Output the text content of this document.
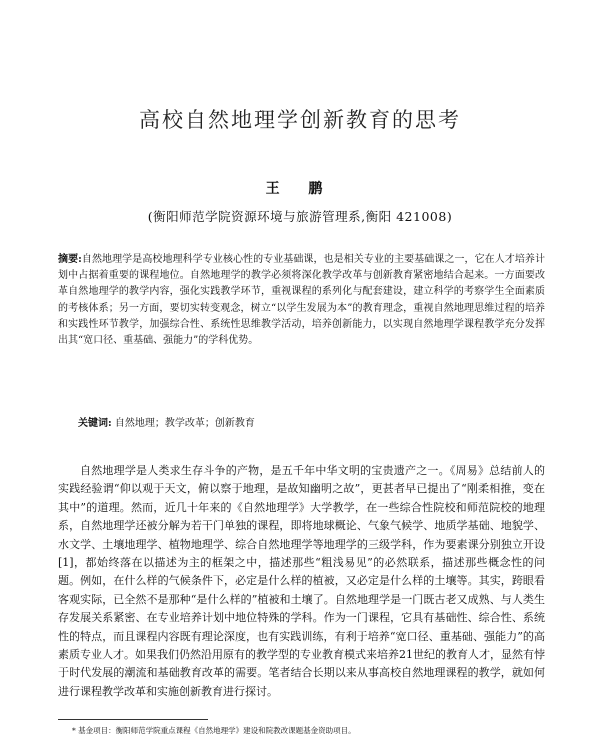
高校自然地理学创新教育的思考
王 鹏
(衡阳师范学院资源环境与旅游管理系,衡阳 421008)
摘要:自然地理学是高校地理科学专业核心性的专业基础课，也是相关专业的主要基础课之一，它在人才培养计划中占据着重要的课程地位。自然地理学的教学必须将深化教学改革与创新教育紧密地结合起来。一方面要改革自然地理学的教学内容，强化实践教学环节，重视课程的系列化与配套建设，建立科学的考察学生全面素质的考核体系；另一方面，要切实转变观念，树立“以学生发展为本”的教育理念，重视自然地理思维过程的培养和实践性环节教学，加强综合性、系统性思维教学活动，培养创新能力，以实现自然地理学课程教学充分发挥出其“宽口径、重基础、强能力”的学科优势。
关键词: 自然地理；教学改革；创新教育

自然地理学是人类求生存斗争的产物，是五千年中华文明的宝贵遗产之一。《周易》总结前人的实践经验谓“仰以观于天文，俯以察于地理，是故知幽明之故”，更甚者早已提出了“刚柔相推，变在其中”的道理。然而，近几十年来的《自然地理学》大学教学，在一些综合性院校和师范院校的地理系，自然地理学还被分解为若干门单独的课程，即将地球概论、气象气候学、地质学基础、地貌学、水文学、土壤地理学、植物地理学、综合自然地理学等地理学的三级学科，作为要素课分别独立开设[1]，都始终落在以描述为主的框架之中，描述那些“粗浅易见”的必然联系，描述那些概念性的问题。例如，在什么样的气候条件下，必定是什么样的植被，又必定是什么样的土壤等。其实，跨眼看客观实际，已全然不是那种“是什么样的”植被和土壤了。自然地理学是一门既古老又成熟、与人类生存发展关系紧密、在专业培养计划中地位特殊的学科。作为一门课程，它具有基础性、综合性、系统性的特点，而且课程内容既有理论深度，也有实践训练，有利于培养“宽口径、重基础、强能力”的高素质专业人才。如果我们仍然沿用原有的教学型的专业教育模式来培养21世纪的教育人才，显然有悖于时代发展的潮流和基础教育改革的需要。笔者结合长期以来从事高校自然地理课程的教学，就如何进行课程教学改革和实施创新教育进行探讨。

* 基金项目：衡阳师范学院重点课程《自然地理学》建设和院教改课题基金资助项目。
